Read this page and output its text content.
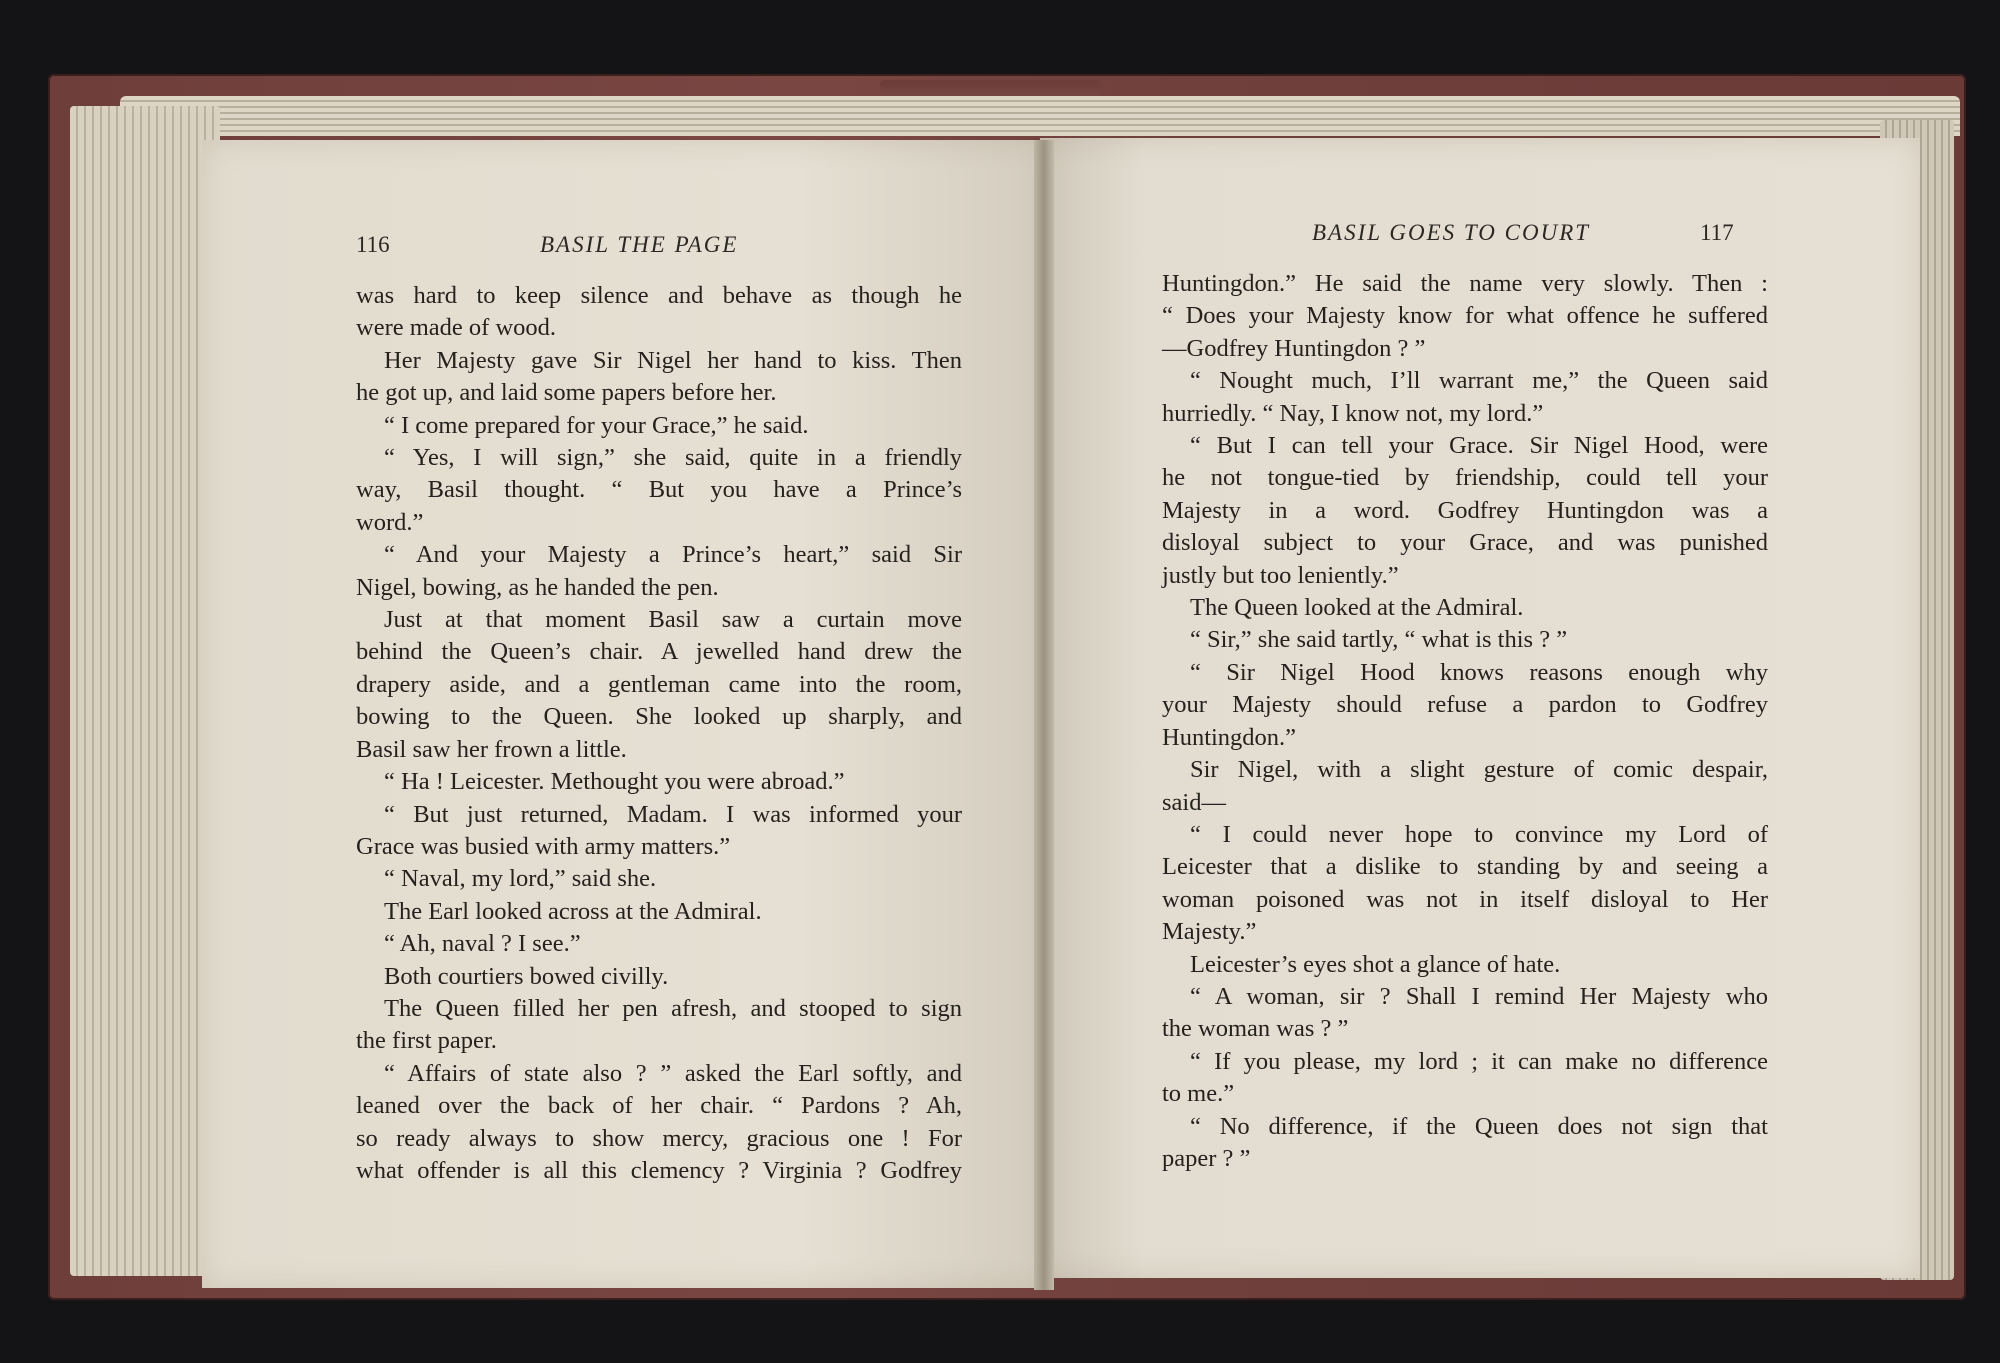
116	BASIL THE PAGE	BASIL GOES TO COURT	117
was hard to keep silence and behave as though he
were made of wood.
Her Majesty gave Sir Nigel her hand to kiss. Then
he got up, and laid some papers before her.
“ I come prepared for your Grace,” he said.
“ Yes, I will sign,” she said, quite in a friendly
way, Basil thought. “ But you have a Prince’s
word.”
“ And your Majesty a Prince’s heart,” said Sir
Nigel, bowing, as he handed the pen.
Just at that moment Basil saw a curtain move
behind the Queen’s chair. A jewelled hand drew the
drapery aside, and a gentleman came into the room,
bowing to the Queen. She looked up sharply, and
Basil saw her frown a little.
“ Ha ! Leicester. Methought you were abroad.”
“ But just returned, Madam. I was informed your
Grace was busied with army matters.”
“ Naval, my lord,” said she.
The Earl looked across at the Admiral.
“ Ah, naval ? I see.”
Both courtiers bowed civilly.
The Queen filled her pen afresh, and stooped to sign
the first paper.
“ Affairs of state also ? ” asked the Earl softly, and
leaned over the back of her chair. “ Pardons ? Ah,
so ready always to show mercy, gracious one ! For
what offender is all this clemency ? Virginia ? Godfrey
Huntingdon.” He said the name very slowly. Then :
“ Does your Majesty know for what offence he suffered
—Godfrey Huntingdon ? ”
“ Nought much, I’ll warrant me,” the Queen said
hurriedly. “ Nay, I know not, my lord.”
“ But I can tell your Grace. Sir Nigel Hood, were
he not tongue-tied by friendship, could tell your
Majesty in a word. Godfrey Huntingdon was a
disloyal subject to your Grace, and was punished
justly but too leniently.”
The Queen looked at the Admiral.
“ Sir,” she said tartly, “ what is this ? ”
“ Sir Nigel Hood knows reasons enough why
your Majesty should refuse a pardon to Godfrey
Huntingdon.”
Sir Nigel, with a slight gesture of comic despair,
said—
“ I could never hope to convince my Lord of
Leicester that a dislike to standing by and seeing a
woman poisoned was not in itself disloyal to Her
Majesty.”
Leicester’s eyes shot a glance of hate.
“ A woman, sir ? Shall I remind Her Majesty who
the woman was ? ”
“ If you please, my lord ; it can make no difference
to me.”
“ No difference, if the Queen does not sign that
paper ? ”
